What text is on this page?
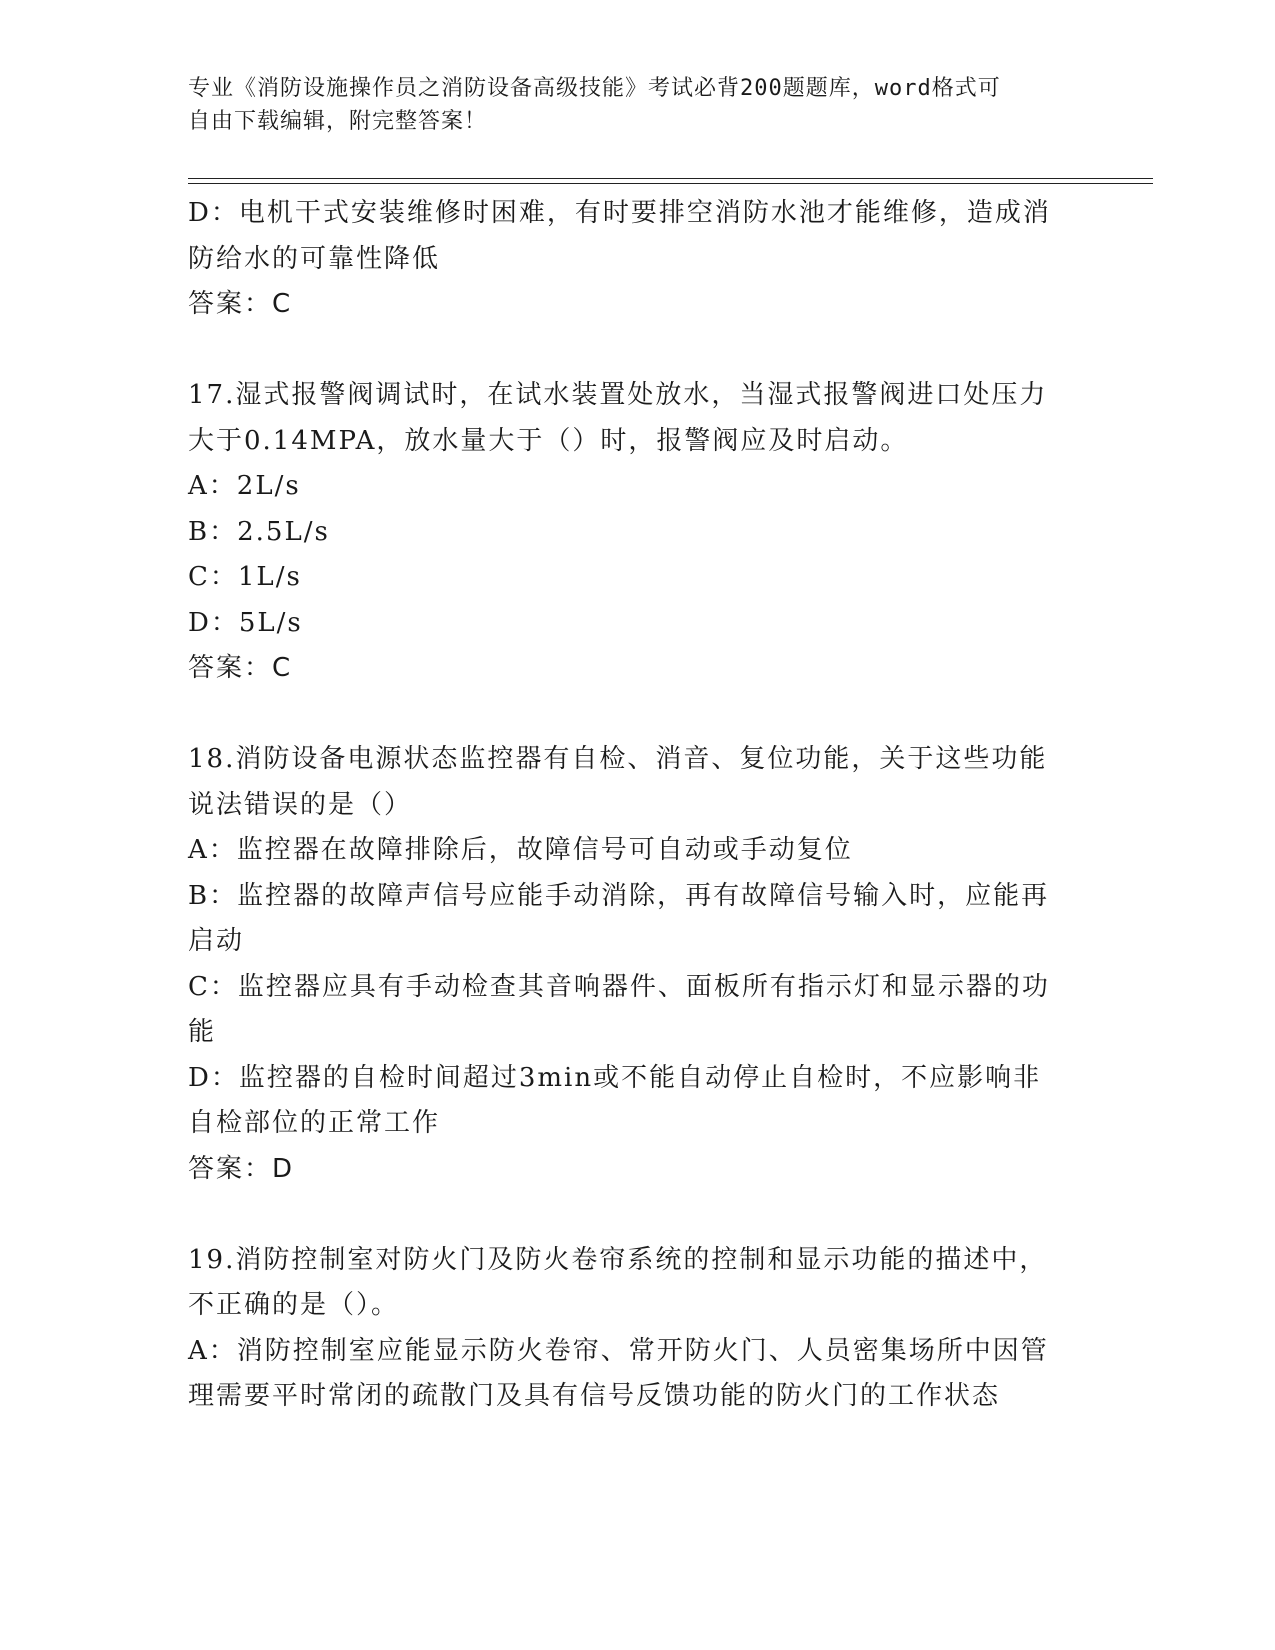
专业《消防设施操作员之消防设备高级技能》考试必背200题题库，word格式可
自由下载编辑，附完整答案！
D：电机干式安装维修时困难，有时要排空消防水池才能维修，造成消
防给水的可靠性降低
答案：C
17.湿式报警阀调试时，在试水装置处放水，当湿式报警阀进口处压力
大于0.14MPA，放水量大于（）时，报警阀应及时启动。
A：2L/s
B：2.5L/s
C：1L/s
D：5L/s
答案：C
18.消防设备电源状态监控器有自检、消音、复位功能，关于这些功能
说法错误的是（）
A：监控器在故障排除后，故障信号可自动或手动复位
B：监控器的故障声信号应能手动消除，再有故障信号输入时，应能再
启动
C：监控器应具有手动检查其音响器件、面板所有指示灯和显示器的功
能
D：监控器的自检时间超过3min或不能自动停止自检时，不应影响非
自检部位的正常工作
答案：D
19.消防控制室对防火门及防火卷帘系统的控制和显示功能的描述中，
不正确的是（）。
A：消防控制室应能显示防火卷帘、常开防火门、人员密集场所中因管
理需要平时常闭的疏散门及具有信号反馈功能的防火门的工作状态
